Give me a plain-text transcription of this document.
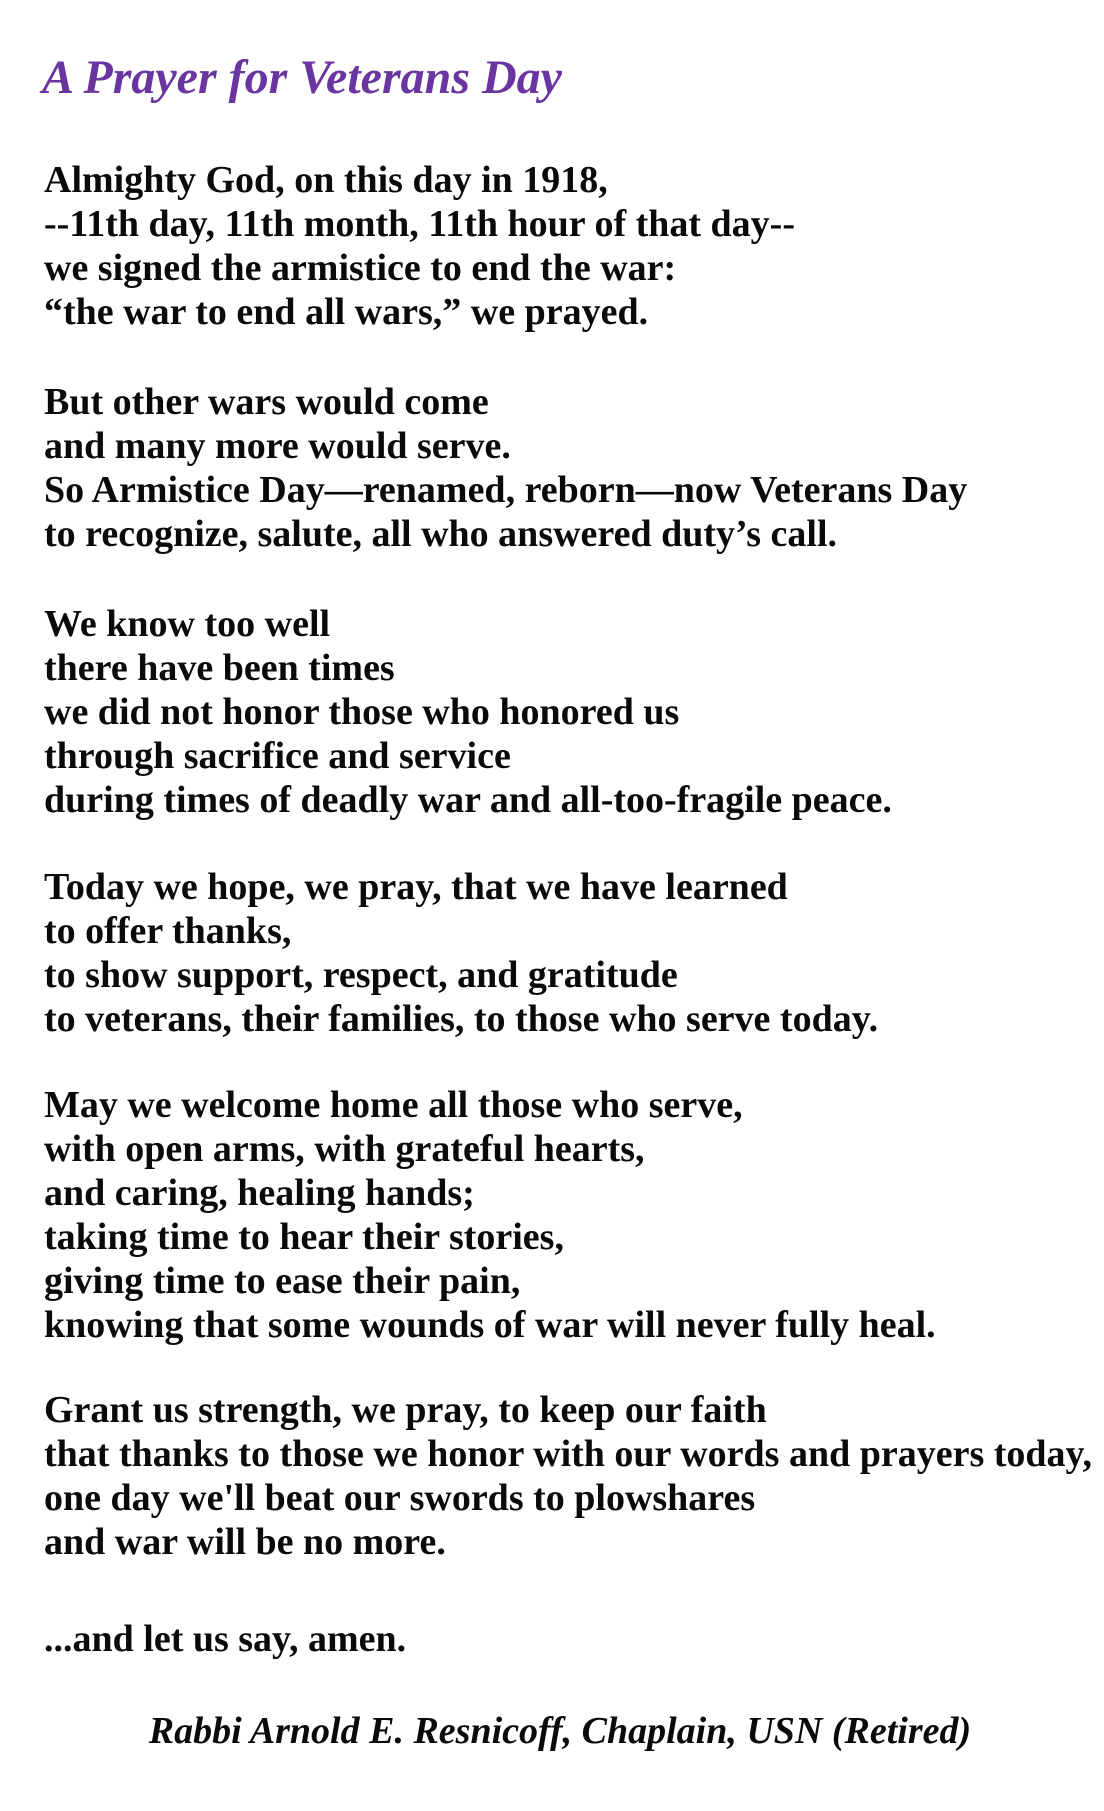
A Prayer for Veterans Day
Almighty God, on this day in 1918,
--11th day, 11th month, 11th hour of that day--
we signed the armistice to end the war:
“the war to end all wars,” we prayed.
But other wars would come
and many more would serve.
So Armistice Day—renamed, reborn—now Veterans Day
to recognize, salute, all who answered duty’s call.
We know too well
there have been times
we did not honor those who honored us
through sacrifice and service
during times of deadly war and all-too-fragile peace.
Today we hope, we pray, that we have learned
to offer thanks,
to show support, respect, and gratitude
to veterans, their families, to those who serve today.
May we welcome home all those who serve,
with open arms, with grateful hearts,
and caring, healing hands;
taking time to hear their stories,
giving time to ease their pain,
knowing that some wounds of war will never fully heal.
Grant us strength, we pray, to keep our faith
that thanks to those we honor with our words and prayers today,
one day we'll beat our swords to plowshares
and war will be no more.

...and let us say, amen.

Rabbi Arnold E. Resnicoff, Chaplain, USN (Retired)
